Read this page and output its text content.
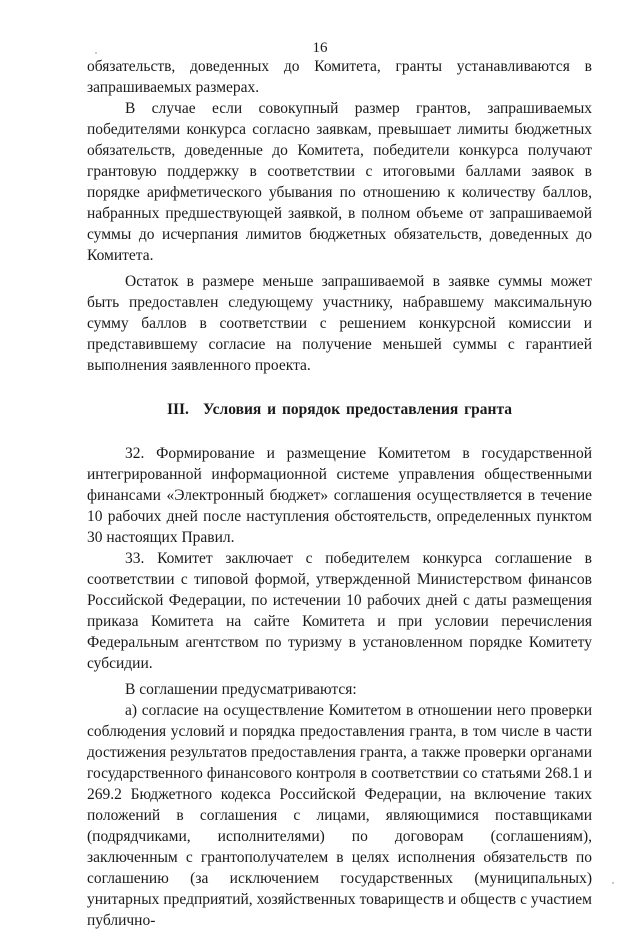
16

обязательств, доведенных до Комитета, гранты устанавливаются в запрашиваемых размерах.

В случае если совокупный размер грантов, запрашиваемых победителями конкурса согласно заявкам, превышает лимиты бюджетных обязательств, доведенные до Комитета, победители конкурса получают грантовую поддержку в соответствии с итоговыми баллами заявок в порядке арифметического убывания по отношению к количеству баллов, набранных предшествующей заявкой, в полном объеме от запрашиваемой суммы до исчерпания лимитов бюджетных обязательств, доведенных до Комитета.

Остаток в размере меньше запрашиваемой в заявке суммы может быть предоставлен следующему участнику, набравшему максимальную сумму баллов в соответствии с решением конкурсной комиссии и представившему согласие на получение меньшей суммы с гарантией выполнения заявленного проекта.

III. Условия и порядок предоставления гранта

32. Формирование и размещение Комитетом в государственной интегрированной информационной системе управления общественными финансами «Электронный бюджет» соглашения осуществляется в течение 10 рабочих дней после наступления обстоятельств, определенных пунктом 30 настоящих Правил.

33. Комитет заключает с победителем конкурса соглашение в соответствии с типовой формой, утвержденной Министерством финансов Российской Федерации, по истечении 10 рабочих дней с даты размещения приказа Комитета на сайте Комитета и при условии перечисления Федеральным агентством по туризму в установленном порядке Комитету субсидии.

В соглашении предусматриваются:

а) согласие на осуществление Комитетом в отношении него проверки соблюдения условий и порядка предоставления гранта, в том числе в части достижения результатов предоставления гранта, а также проверки органами государственного финансового контроля в соответствии со статьями 268.1 и 269.2 Бюджетного кодекса Российской Федерации, на включение таких положений в соглашения с лицами, являющимися поставщиками (подрядчиками, исполнителями) по договорам (соглашениям), заключенным с грантополучателем в целях исполнения обязательств по соглашению (за исключением государственных (муниципальных) унитарных предприятий, хозяйственных товариществ и обществ с участием публично-
